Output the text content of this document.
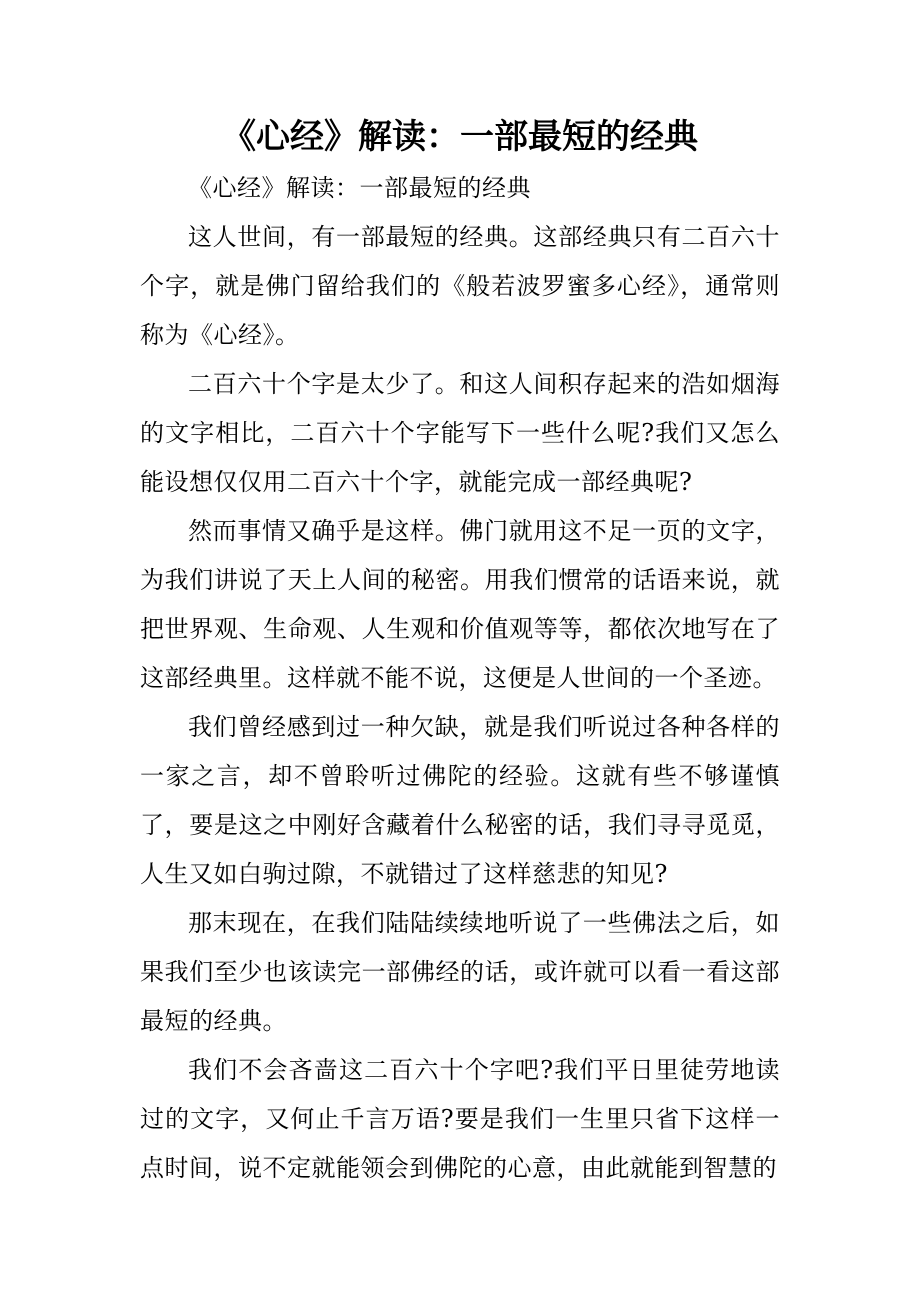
《心经》解读：一部最短的经典

《心经》解读：一部最短的经典

这人世间，有一部最短的经典。这部经典只有二百六十个字，就是佛门留给我们的《般若波罗蜜多心经》，通常则称为《心经》。

二百六十个字是太少了。和这人间积存起来的浩如烟海的文字相比，二百六十个字能写下一些什么呢?我们又怎么能设想仅仅用二百六十个字，就能完成一部经典呢?

然而事情又确乎是这样。佛门就用这不足一页的文字，为我们讲说了天上人间的秘密。用我们惯常的话语来说，就把世界观、生命观、人生观和价值观等等，都依次地写在了这部经典里。这样就不能不说，这便是人世间的一个圣迹。

我们曾经感到过一种欠缺，就是我们听说过各种各样的一家之言，却不曾聆听过佛陀的经验。这就有些不够谨慎了，要是这之中刚好含藏着什么秘密的话，我们寻寻觅觅，人生又如白驹过隙，不就错过了这样慈悲的知见?

那末现在，在我们陆陆续续地听说了一些佛法之后，如果我们至少也该读完一部佛经的话，或许就可以看一看这部最短的经典。

我们不会吝啬这二百六十个字吧?我们平日里徒劳地读过的文字，又何止千言万语?要是我们一生里只省下这样一点时间，说不定就能领会到佛陀的心意，由此就能到智慧的
